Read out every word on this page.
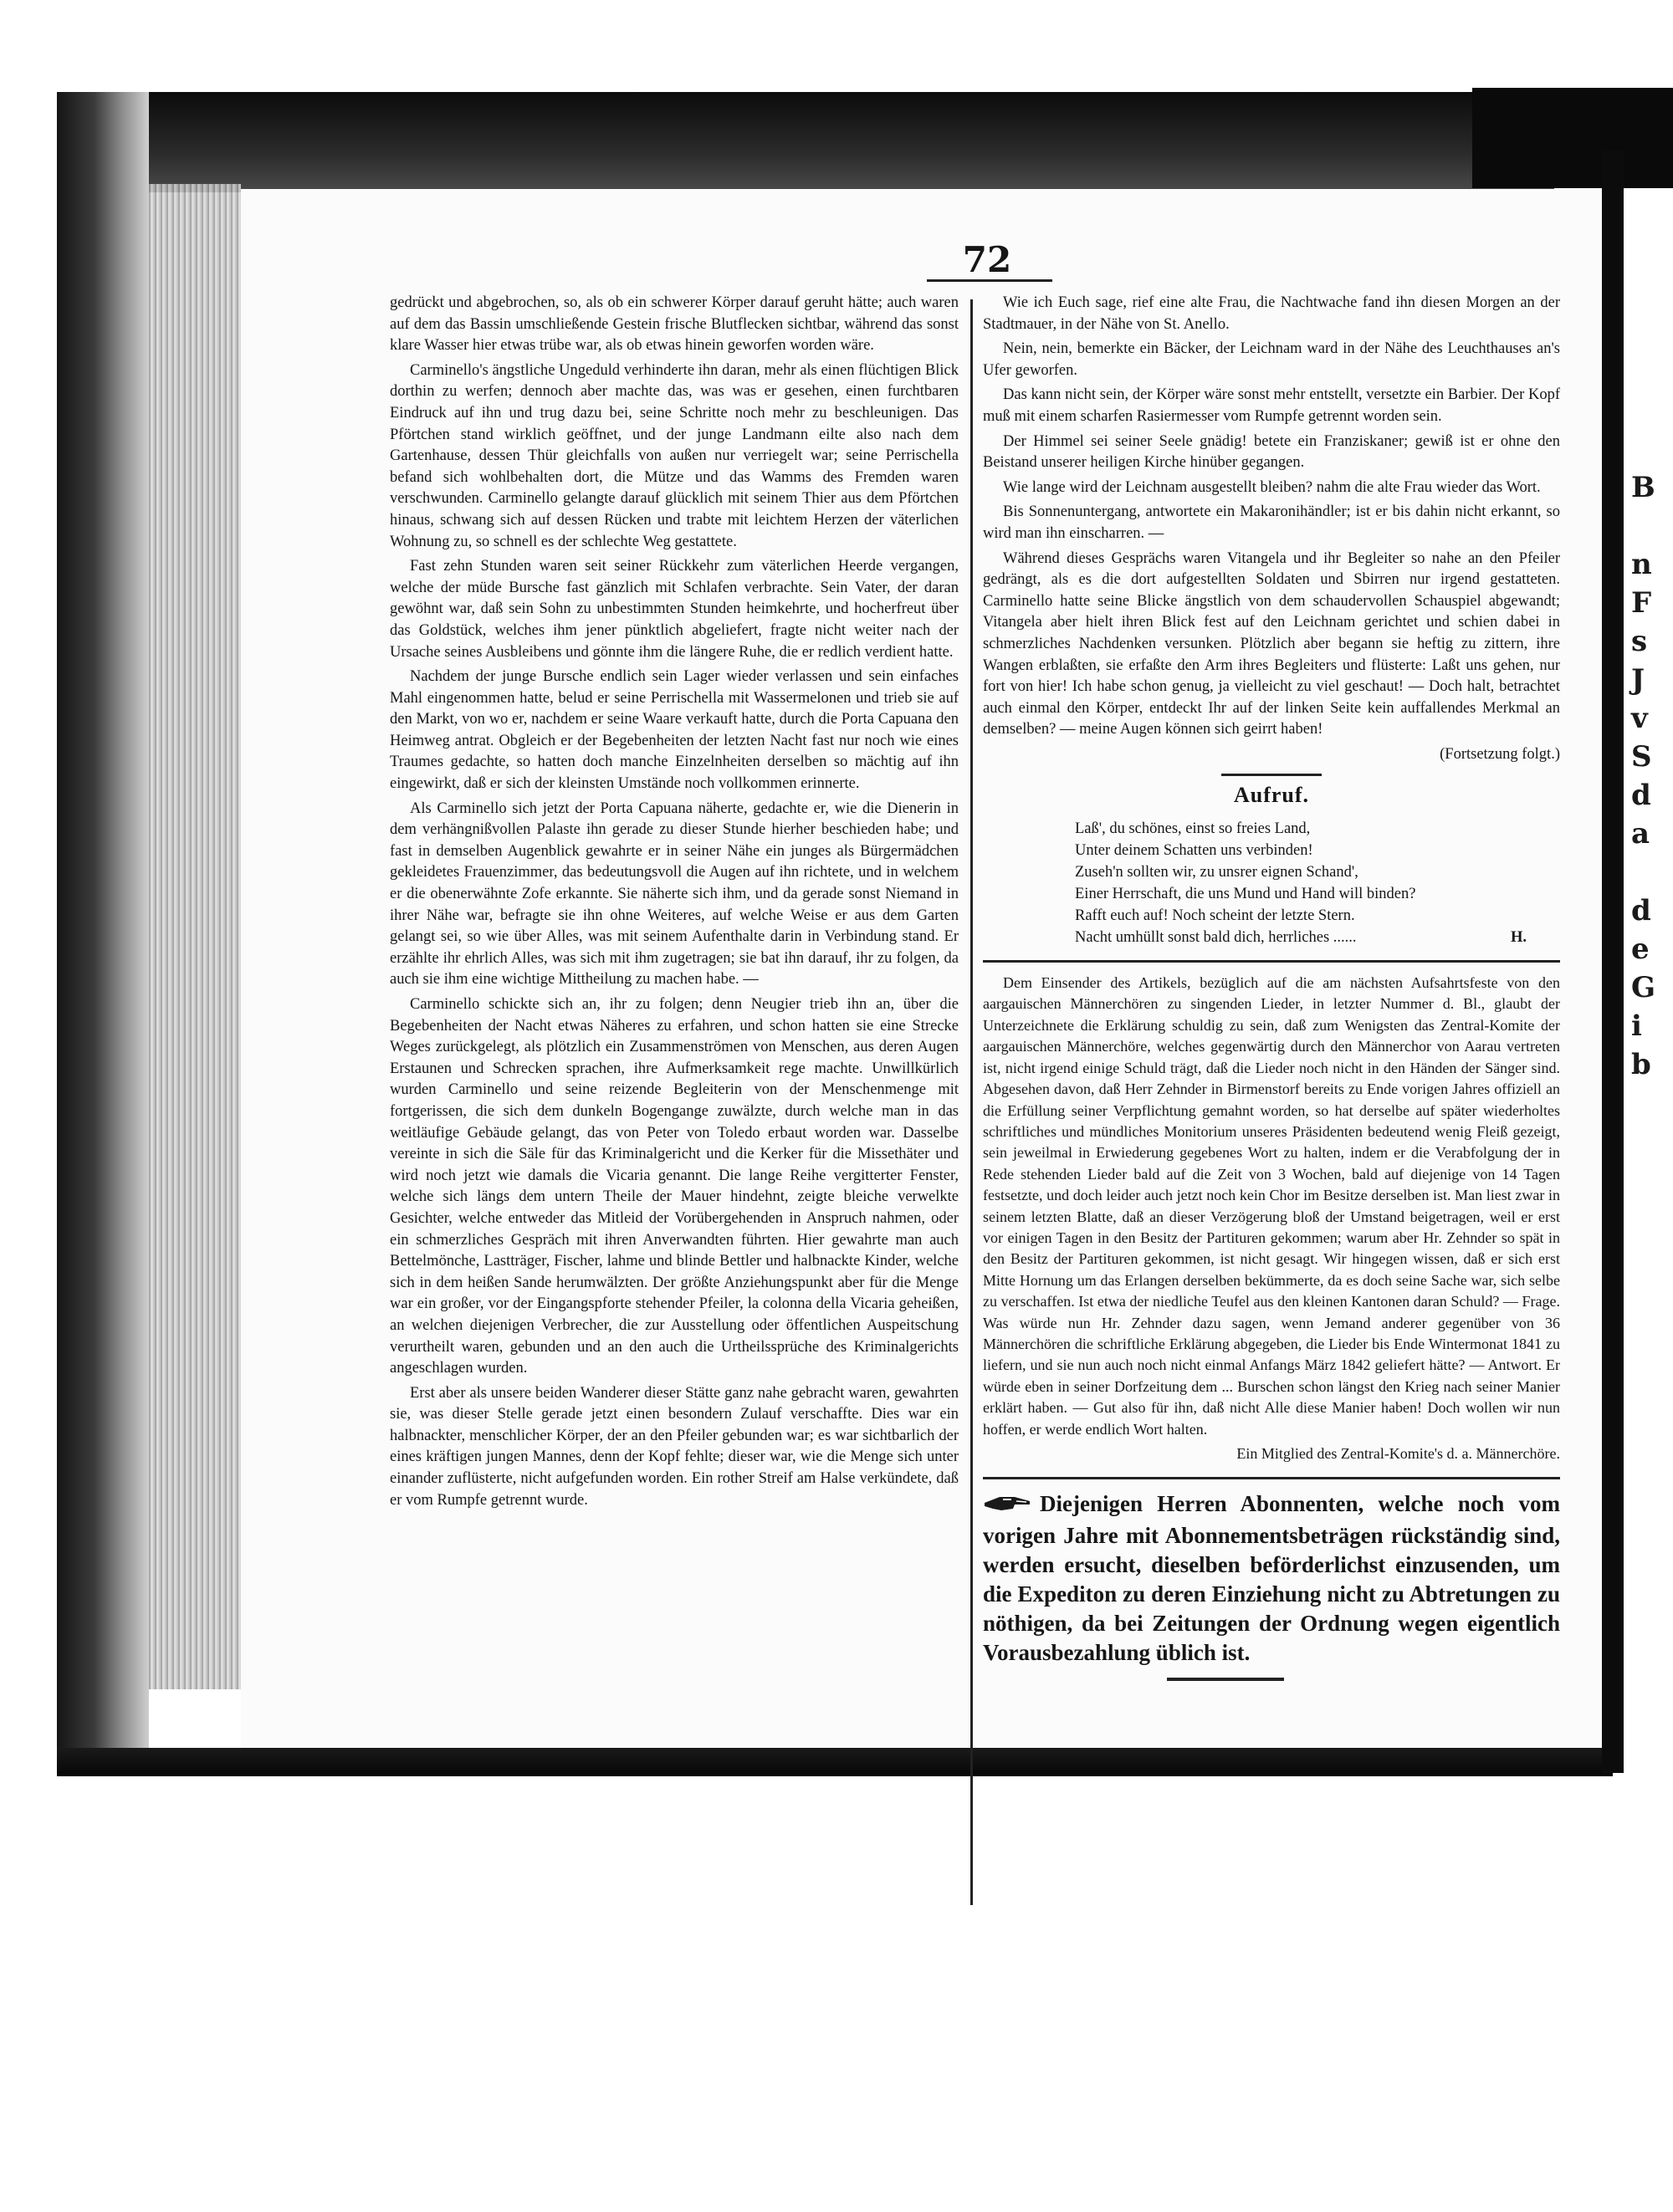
B

n
F
s
J
v
S
d
a

d
e
G
i
b
72

gedrückt und abgebrochen, so, als ob ein schwerer Körper darauf geruht hätte; auch waren auf dem das Bassin umschließende Gestein frische Blutflecken sichtbar, während das sonst klare Wasser hier etwas trübe war, als ob etwas hinein geworfen worden wäre.

Carminello's ängstliche Ungeduld verhinderte ihn daran, mehr als einen flüchtigen Blick dorthin zu werfen; dennoch aber machte das, was was er gesehen, einen furchtbaren Eindruck auf ihn und trug dazu bei, seine Schritte noch mehr zu beschleunigen. Das Pförtchen stand wirklich geöffnet, und der junge Landmann eilte also nach dem Gartenhause, dessen Thür gleichfalls von außen nur verriegelt war; seine Perrischella befand sich wohlbehalten dort, die Mütze und das Wamms des Fremden waren verschwunden. Carminello gelangte darauf glücklich mit seinem Thier aus dem Pförtchen hinaus, schwang sich auf dessen Rücken und trabte mit leichtem Herzen der väterlichen Wohnung zu, so schnell es der schlechte Weg gestattete.

Fast zehn Stunden waren seit seiner Rückkehr zum väterlichen Heerde vergangen, welche der müde Bursche fast gänzlich mit Schlafen verbrachte. Sein Vater, der daran gewöhnt war, daß sein Sohn zu unbestimmten Stunden heimkehrte, und hocherfreut über das Goldstück, welches ihm jener pünktlich abgeliefert, fragte nicht weiter nach der Ursache seines Ausbleibens und gönnte ihm die längere Ruhe, die er redlich verdient hatte.

Nachdem der junge Bursche endlich sein Lager wieder verlassen und sein einfaches Mahl eingenommen hatte, belud er seine Perrischella mit Wassermelonen und trieb sie auf den Markt, von wo er, nachdem er seine Waare verkauft hatte, durch die Porta Capuana den Heimweg antrat. Obgleich er der Begebenheiten der letzten Nacht fast nur noch wie eines Traumes gedachte, so hatten doch manche Einzelnheiten derselben so mächtig auf ihn eingewirkt, daß er sich der kleinsten Umstände noch vollkommen erinnerte.

Als Carminello sich jetzt der Porta Capuana näherte, gedachte er, wie die Dienerin in dem verhängnißvollen Palaste ihn gerade zu dieser Stunde hierher beschieden habe; und fast in demselben Augenblick gewahrte er in seiner Nähe ein junges als Bürgermädchen gekleidetes Frauenzimmer, das bedeutungsvoll die Augen auf ihn richtete, und in welchem er die obenerwähnte Zofe erkannte. Sie näherte sich ihm, und da gerade sonst Niemand in ihrer Nähe war, befragte sie ihn ohne Weiteres, auf welche Weise er aus dem Garten gelangt sei, so wie über Alles, was mit seinem Aufenthalte darin in Verbindung stand. Er erzählte ihr ehrlich Alles, was sich mit ihm zugetragen; sie bat ihn darauf, ihr zu folgen, da auch sie ihm eine wichtige Mittheilung zu machen habe. —

Carminello schickte sich an, ihr zu folgen; denn Neugier trieb ihn an, über die Begebenheiten der Nacht etwas Näheres zu erfahren, und schon hatten sie eine Strecke Weges zurückgelegt, als plötzlich ein Zusammenströmen von Menschen, aus deren Augen Erstaunen und Schrecken sprachen, ihre Aufmerksamkeit rege machte. Unwillkürlich wurden Carminello und seine reizende Begleiterin von der Menschenmenge mit fortgerissen, die sich dem dunkeln Bogengange zuwälzte, durch welche man in das weitläufige Gebäude gelangt, das von Peter von Toledo erbaut worden war. Dasselbe vereinte in sich die Säle für das Kriminalgericht und die Kerker für die Missethäter und wird noch jetzt wie damals die Vicaria genannt. Die lange Reihe vergitterter Fenster, welche sich längs dem untern Theile der Mauer hindehnt, zeigte bleiche verwelkte Gesichter, welche entweder das Mitleid der Vorübergehenden in Anspruch nahmen, oder ein schmerzliches Gespräch mit ihren Anverwandten führten. Hier gewahrte man auch Bettelmönche, Lastträger, Fischer, lahme und blinde Bettler und halbnackte Kinder, welche sich in dem heißen Sande herumwälzten. Der größte Anziehungspunkt aber für die Menge war ein großer, vor der Eingangspforte stehender Pfeiler, la colonna della Vicaria geheißen, an welchen diejenigen Verbrecher, die zur Ausstellung oder öffentlichen Auspeitschung verurtheilt waren, gebunden und an den auch die Urtheilssprüche des Kriminalgerichts angeschlagen wurden.

Erst aber als unsere beiden Wanderer dieser Stätte ganz nahe gebracht waren, gewahrten sie, was dieser Stelle gerade jetzt einen besondern Zulauf verschaffte. Dies war ein halbnackter, menschlicher Körper, der an den Pfeiler gebunden war; es war sichtbarlich der eines kräftigen jungen Mannes, denn der Kopf fehlte; dieser war, wie die Menge sich unter einander zuflüsterte, nicht aufgefunden worden. Ein rother Streif am Halse verkündete, daß er vom Rumpfe getrennt wurde.

Wie ich Euch sage, rief eine alte Frau, die Nachtwache fand ihn diesen Morgen an der Stadtmauer, in der Nähe von St. Anello.

Nein, nein, bemerkte ein Bäcker, der Leichnam ward in der Nähe des Leuchthauses an's Ufer geworfen.

Das kann nicht sein, der Körper wäre sonst mehr entstellt, versetzte ein Barbier. Der Kopf muß mit einem scharfen Rasiermesser vom Rumpfe getrennt worden sein.

Der Himmel sei seiner Seele gnädig! betete ein Franziskaner; gewiß ist er ohne den Beistand unserer heiligen Kirche hinüber gegangen.

Wie lange wird der Leichnam ausgestellt bleiben? nahm die alte Frau wieder das Wort.

Bis Sonnenuntergang, antwortete ein Makaronihändler; ist er bis dahin nicht erkannt, so wird man ihn einscharren. —

Während dieses Gesprächs waren Vitangela und ihr Begleiter so nahe an den Pfeiler gedrängt, als es die dort aufgestellten Soldaten und Sbirren nur irgend gestatteten. Carminello hatte seine Blicke ängstlich von dem schaudervollen Schauspiel abgewandt; Vitangela aber hielt ihren Blick fest auf den Leichnam gerichtet und schien dabei in schmerzliches Nachdenken versunken. Plötzlich aber begann sie heftig zu zittern, ihre Wangen erblaßten, sie erfaßte den Arm ihres Begleiters und flüsterte: Laßt uns gehen, nur fort von hier! Ich habe schon genug, ja vielleicht zu viel geschaut! — Doch halt, betrachtet auch einmal den Körper, entdeckt Ihr auf der linken Seite kein auffallendes Merkmal an demselben? — meine Augen können sich geirrt haben!

(Fortsetzung folgt.)
Aufruf.
Laß', du schönes, einst so freies Land,
Unter deinem Schatten uns verbinden!
Zuseh'n sollten wir, zu unsrer eignen Schand',
Einer Herrschaft, die uns Mund und Hand will binden?
Rafft euch auf! Noch scheint der letzte Stern.
Nacht umhüllt sonst bald dich, herrliches ......	H.

Dem Einsender des Artikels, bezüglich auf die am nächsten Aufsahrtsfeste von den aargauischen Männerchören zu singenden Lieder, in letzter Nummer d. Bl., glaubt der Unterzeichnete die Erklärung schuldig zu sein, daß zum Wenigsten das Zentral-Komite der aargauischen Männerchöre, welches gegenwärtig durch den Männerchor von Aarau vertreten ist, nicht irgend einige Schuld trägt, daß die Lieder noch nicht in den Händen der Sänger sind. Abgesehen davon, daß Herr Zehnder in Birmenstorf bereits zu Ende vorigen Jahres offiziell an die Erfüllung seiner Verpflichtung gemahnt worden, so hat derselbe auf später wiederholtes schriftliches und mündliches Monitorium unseres Präsidenten bedeutend wenig Fleiß gezeigt, sein jeweilmal in Erwiederung gegebenes Wort zu halten, indem er die Verabfolgung der in Rede stehenden Lieder bald auf die Zeit von 3 Wochen, bald auf diejenige von 14 Tagen festsetzte, und doch leider auch jetzt noch kein Chor im Besitze derselben ist. Man liest zwar in seinem letzten Blatte, daß an dieser Verzögerung bloß der Umstand beigetragen, weil er erst vor einigen Tagen in den Besitz der Partituren gekommen; warum aber Hr. Zehnder so spät in den Besitz der Partituren gekommen, ist nicht gesagt. Wir hingegen wissen, daß er sich erst Mitte Hornung um das Erlangen derselben bekümmerte, da es doch seine Sache war, sich selbe zu verschaffen. Ist etwa der niedliche Teufel aus den kleinen Kantonen daran Schuld? — Frage. Was würde nun Hr. Zehnder dazu sagen, wenn Jemand anderer gegenüber von 36 Männerchören die schriftliche Erklärung abgegeben, die Lieder bis Ende Wintermonat 1841 zu liefern, und sie nun auch noch nicht einmal Anfangs März 1842 geliefert hätte? — Antwort. Er würde eben in seiner Dorfzeitung dem ... Burschen schon längst den Krieg nach seiner Manier erklärt haben. — Gut also für ihn, daß nicht Alle diese Manier haben! Doch wollen wir nun hoffen, er werde endlich Wort halten.

Ein Mitglied des Zentral-Komite's d. a. Männerchöre.
Diejenigen Herren Abonnenten, welche noch vom vorigen Jahre mit Abonnementsbeträgen rückständig sind, werden ersucht, dieselben beförderlichst einzusenden, um die Expediton zu deren Einziehung nicht zu Abtretungen zu nöthigen, da bei Zeitungen der Ordnung wegen eigentlich Vorausbezahlung üblich ist.
